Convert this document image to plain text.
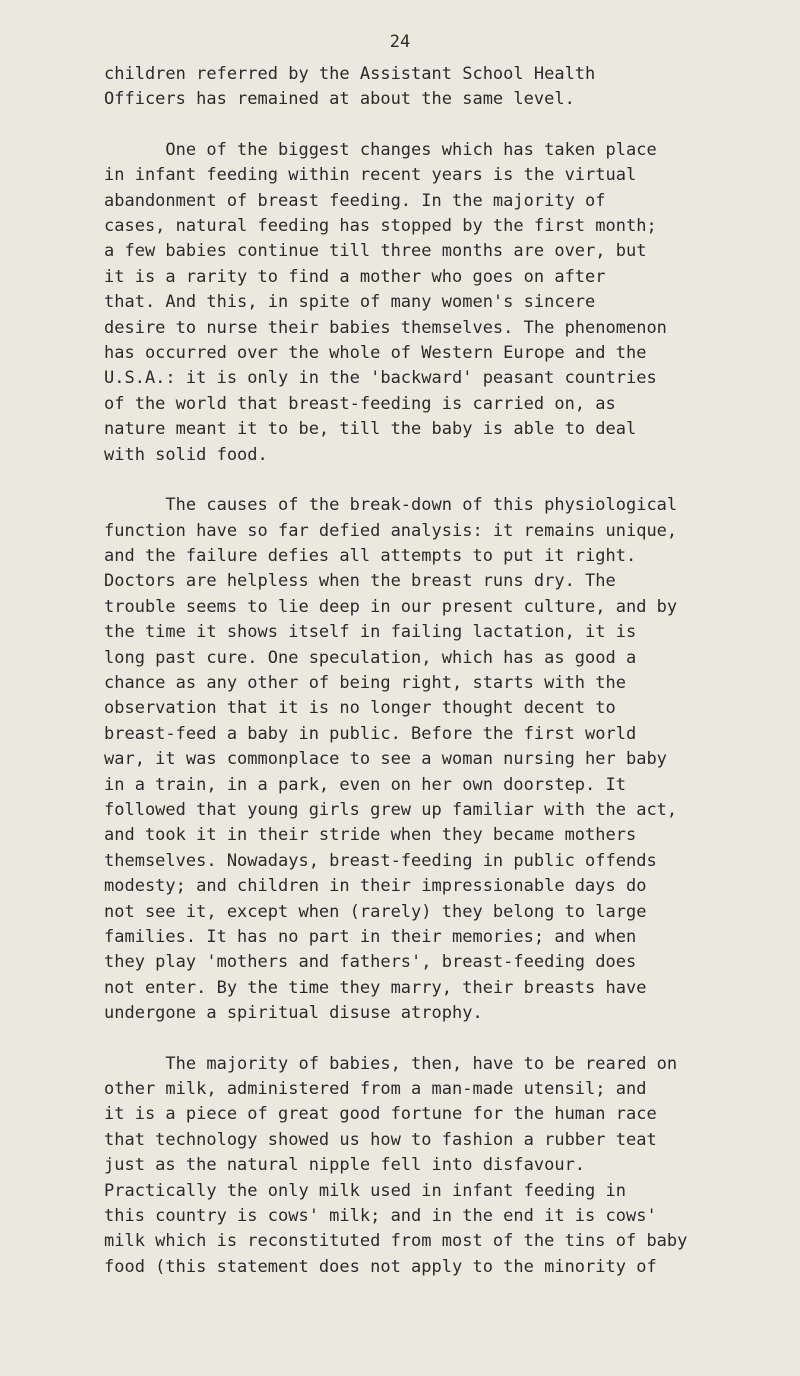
24

children referred by the Assistant School Health
Officers has remained at about the same level.

One of the biggest changes which has taken place
in infant feeding within recent years is the virtual
abandonment of breast feeding. In the majority of
cases, natural feeding has stopped by the first month;
a few babies continue till three months are over, but
it is a rarity to find a mother who goes on after
that. And this, in spite of many women's sincere
desire to nurse their babies themselves. The phenomenon
has occurred over the whole of Western Europe and the
U.S.A.: it is only in the 'backward' peasant countries
of the world that breast-feeding is carried on, as
nature meant it to be, till the baby is able to deal
with solid food.

The causes of the break-down of this physiological
function have so far defied analysis: it remains unique,
and the failure defies all attempts to put it right.
Doctors are helpless when the breast runs dry. The
trouble seems to lie deep in our present culture, and by
the time it shows itself in failing lactation, it is
long past cure. One speculation, which has as good a
chance as any other of being right, starts with the
observation that it is no longer thought decent to
breast-feed a baby in public. Before the first world
war, it was commonplace to see a woman nursing her baby
in a train, in a park, even on her own doorstep. It
followed that young girls grew up familiar with the act,
and took it in their stride when they became mothers
themselves. Nowadays, breast-feeding in public offends
modesty; and children in their impressionable days do
not see it, except when (rarely) they belong to large
families. It has no part in their memories; and when
they play 'mothers and fathers', breast-feeding does
not enter. By the time they marry, their breasts have
undergone a spiritual disuse atrophy.

The majority of babies, then, have to be reared on
other milk, administered from a man-made utensil; and
it is a piece of great good fortune for the human race
that technology showed us how to fashion a rubber teat
just as the natural nipple fell into disfavour.
Practically the only milk used in infant feeding in
this country is cows' milk; and in the end it is cows'
milk which is reconstituted from most of the tins of baby
food (this statement does not apply to the minority of
